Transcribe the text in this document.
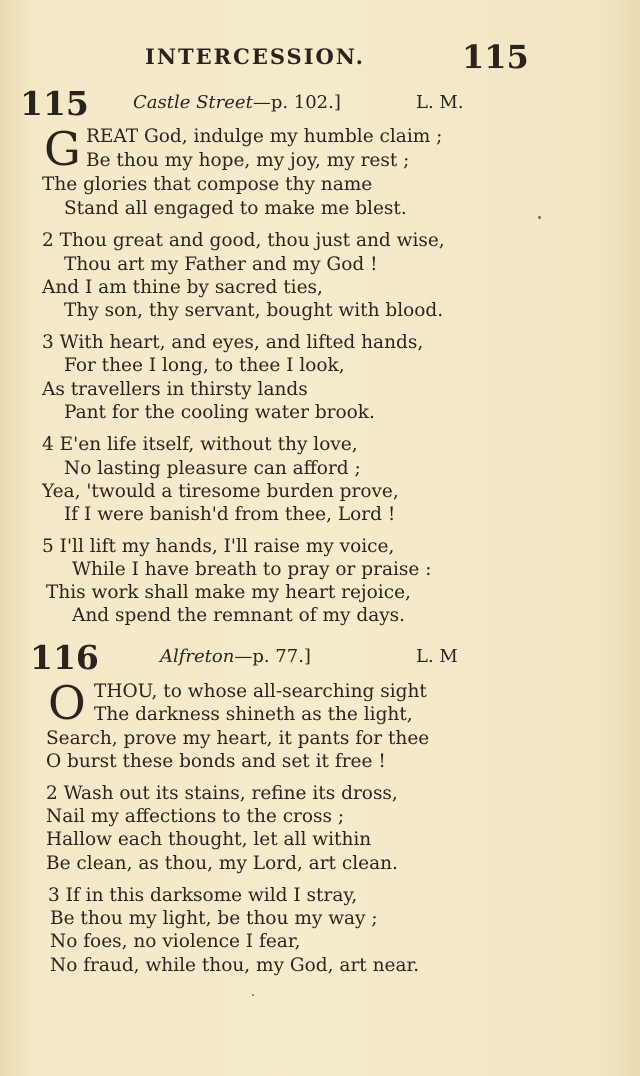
INTERCESSION.	115
115 Castle Street—p. 102.]	L. M.
G REAT God, indulge my humble claim ;
Be thou my hope, my joy, my rest ;
The glories that compose thy name
Stand all engaged to make me blest.
2 Thou great and good, thou just and wise,
Thou art my Father and my God !
And I am thine by sacred ties,
Thy son, thy servant, bought with blood.
3 With heart, and eyes, and lifted hands,
For thee I long, to thee I look,
As travellers in thirsty lands
Pant for the cooling water brook.
4 E'en life itself, without thy love,
No lasting pleasure can afford ;
Yea, 'twould a tiresome burden prove,
If I were banish'd from thee, Lord !
5 I'll lift my hands, I'll raise my voice,
While I have breath to pray or praise :
This work shall make my heart rejoice,
And spend the remnant of my days.
116	Alfreton—p. 77.]	L. M
O THOU, to whose all-searching sight
The darkness shineth as the light,
Search, prove my heart, it pants for thee
O burst these bonds and set it free !
2 Wash out its stains, refine its dross,
Nail my affections to the cross ;
Hallow each thought, let all within
Be clean, as thou, my Lord, art clean.
3 If in this darksome wild I stray,
Be thou my light, be thou my way ;
No foes, no violence I fear,
No fraud, while thou, my God, art near.
